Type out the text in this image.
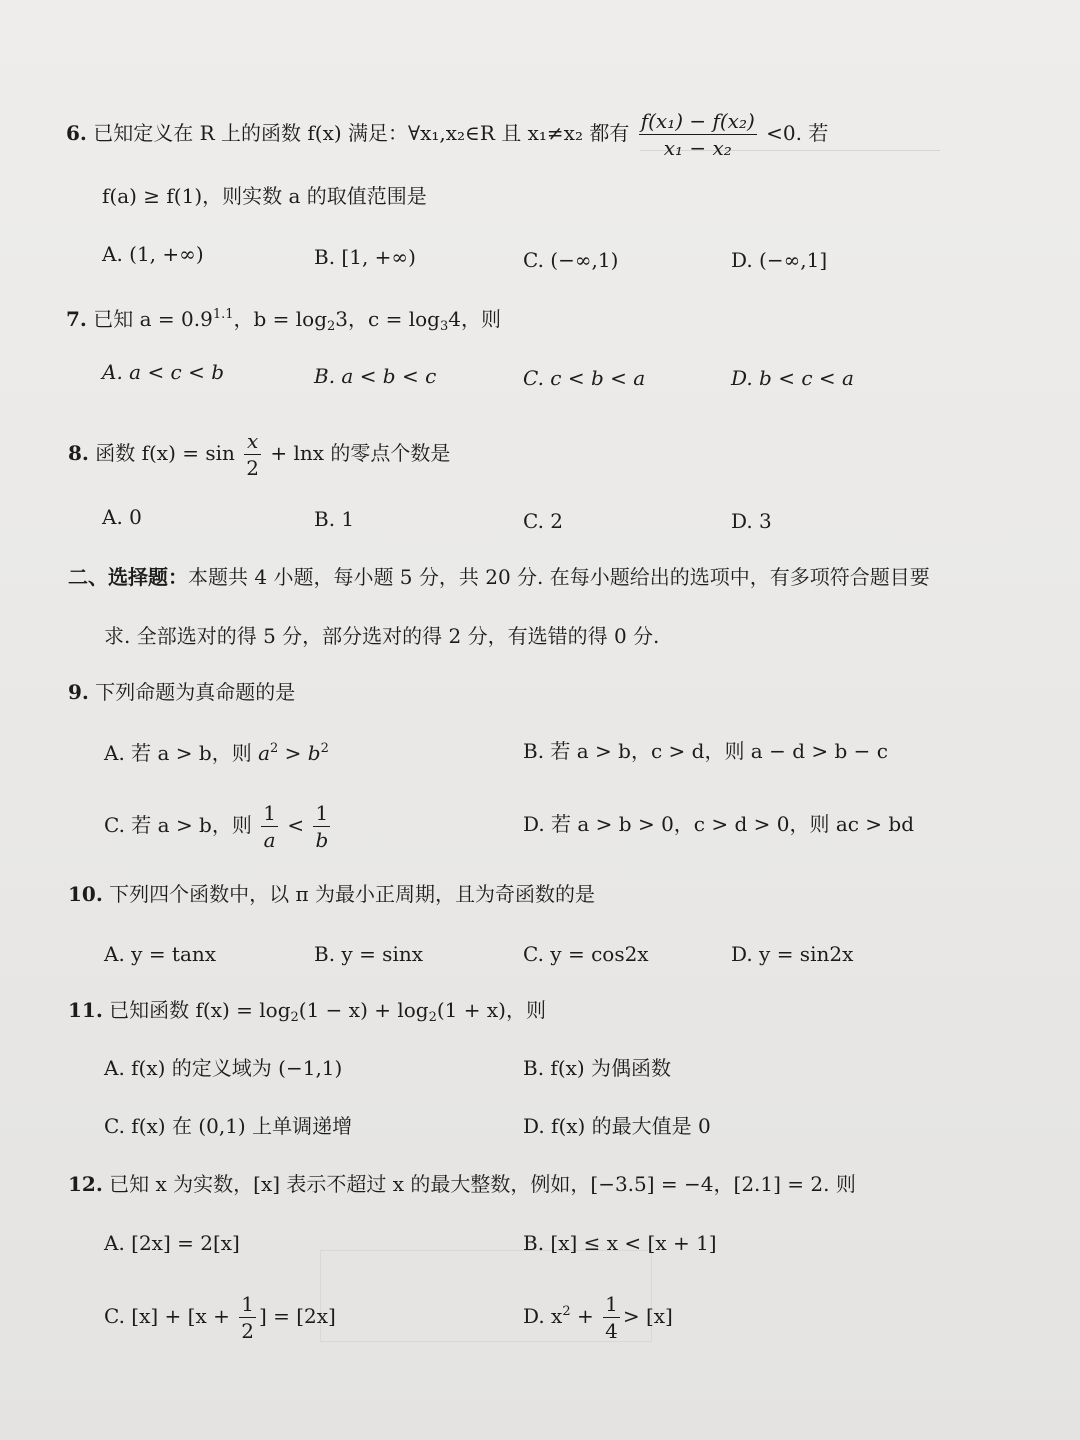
6. 已知定义在 R 上的函数 f(x) 满足：∀x₁,x₂∈R 且 x₁≠x₂ 都有 $\frac{\text{f(x₁) − f(x₂)}}{\text{x₁ − x₂}} <0$. 若
f(a) ≥ f(1)，则实数 a 的取值范围是
A. (1, +∞)	B. [1, +∞)	C. (−∞,1)	D. (−∞,1]
7. 已知 $a = 0.9^{1.1}$，$b = \log_23$，$c = \log_34$，则
A. a < c < b	B. a < b < c	C. c < b < a	D. b < c < a
8. 函数 $f(x) = \sin \frac{x}{2} + \ln x$ 的零点个数是
A. 0	B. 1	C. 2	D. 3
二、选择题：本题共 4 小题，每小题 5 分，共 20 分. 在每小题给出的选项中，有多项符合题目要
求. 全部选对的得 5 分，部分选对的得 2 分，有选错的得 0 分.
9. 下列命题为真命题的是
A. 若 a > b，则 $a^2 > b^2$	B. 若 a > b，c > d，则 a − d > b − c
C. 若 a > b，则 $\frac{1}{a} < \frac{1}{b}$	D. 若 a > b > 0，c > d > 0，则 ac > bd
10. 下列四个函数中，以 π 为最小正周期，且为奇函数的是
A. y = tanx	B. y = sinx	C. y = cos2x	D. y = sin2x
11. 已知函数 $f(x) = \log_2(1 - x) + \log_2(1 + x)$，则
A. f(x) 的定义域为 (−1,1)	B. f(x) 为偶函数
C. f(x) 在 (0,1) 上单调递增	D. f(x) 的最大值是 0
12. 已知 x 为实数，[x] 表示不超过 x 的最大整数，例如，[−3.5] = −4，[2.1] = 2. 则
A. [2x] = 2[x]	B. [x] ≤ x < [x + 1]
C. $[x] + [x + \frac{1}{2}$ ] = [2x]	D. $x^2 + \frac{1}{4} > [x]$
